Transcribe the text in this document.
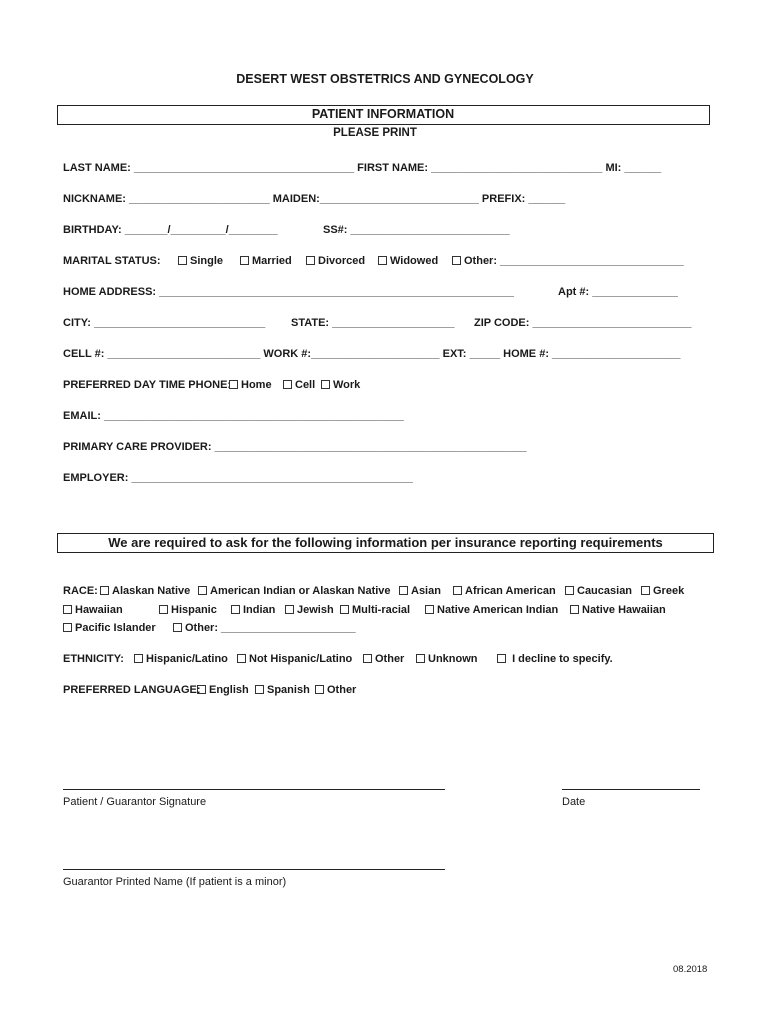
DESERT WEST OBSTETRICS AND GYNECOLOGY
PATIENT INFORMATION
PLEASE PRINT
LAST NAME: ____________________________________ FIRST NAME: ____________________________ MI: ______
NICKNAME: _______________________ MAIDEN:__________________________ PREFIX: ______
BIRTHDAY: _______/_________/________	SS#: __________________________
MARITAL STATUS:	Single	Married	Divorced	Widowed	Other: ______________________________
HOME ADDRESS: __________________________________________________________	Apt #: ______________
CITY: ____________________________ STATE: ____________________ ZIP CODE: __________________________
CELL #: _________________________ WORK #:_____________________ EXT: _____ HOME #: _____________________
PREFERRED DAY TIME PHONE: Home	Cell	Work
EMAIL: _________________________________________________
PRIMARY CARE PROVIDER: ___________________________________________________
EMPLOYER: ______________________________________________
We are required to ask for the following information per insurance reporting requirements
RACE:	Alaskan Native	American Indian or Alaskan Native	Asian	African American	Caucasian	Greek
Hawaiian	Hispanic	Indian	Jewish	Multi-racial	Native American Indian	Native Hawaiian
Pacific Islander	Other: ______________________
ETHNICITY:	Hispanic/Latino	Not Hispanic/Latino	Other	Unknown	I decline to specify.
PREFERRED LANGUAGE: English	Spanish	Other
Patient / Guarantor Signature	Date
Guarantor Printed Name (If patient is a minor)
08.2018
